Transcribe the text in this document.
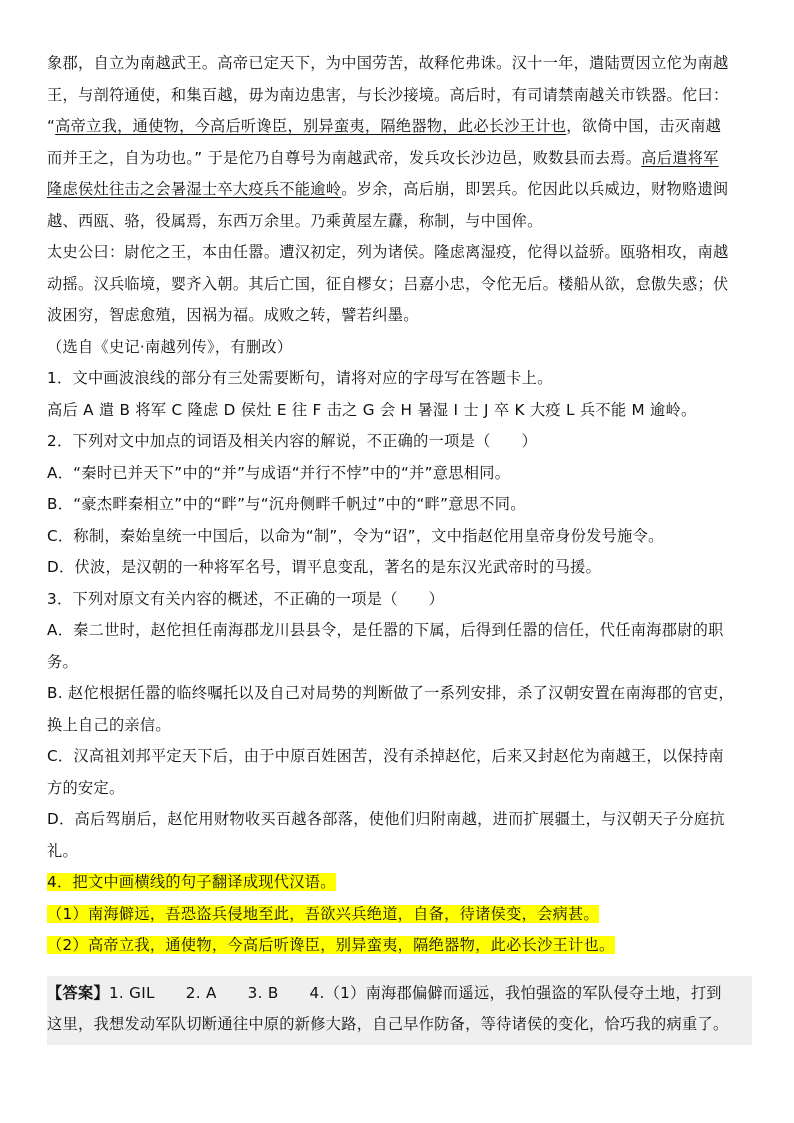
象郡，自立为南越武王。高帝已定天下，为中国劳苦，故释佗弗诛。汉十一年，遣陆贾因立佗为南越
王，与剖符通使，和集百越，毋为南边患害，与长沙接境。高后时，有司请禁南越关市铁器。佗曰：
“高帝立我，通使物，今高后听谗臣，别异蛮夷，隔绝器物，此必长沙王计也，欲倚中国，击灭南越
而并王之，自为功也。” 于是佗乃自尊号为南越武帝，发兵攻长沙边邑，败数县而去焉。高后遣将军
隆虑侯灶往击之会暑湿士卒大疫兵不能逾岭。岁余，高后崩，即罢兵。佗因此以兵威边，财物赂遗闽
越、西瓯、骆，役属焉，东西万余里。乃乘黄屋左纛，称制，与中国侔。
太史公曰：尉佗之王，本由任嚣。遭汉初定，列为诸侯。隆虑离湿疫，佗得以益骄。瓯骆相攻，南越
动摇。汉兵临境，婴齐入朝。其后亡国，征自樛女；吕嘉小忠，令佗无后。楼船从欲，怠傲失惑；伏
波困穷，智虑愈殖，因祸为福。成败之转，譬若纠墨。
（选自《史记·南越列传》，有删改）
1．文中画波浪线的部分有三处需要断句，请将对应的字母写在答题卡上。
高后 A 遣 B 将军 C 隆虑 D 侯灶 E 往 F 击之 G 会 H 暑湿 I 士 J 卒 K 大疫 L 兵不能 M 逾岭。
2．下列对文中加点的词语及相关内容的解说，不正确的一项是（　　）
A．“秦时已并天下”中的“并”与成语“并行不悖”中的“并”意思相同。
B．“豪杰畔秦相立”中的“畔”与“沉舟侧畔千帆过”中的“畔”意思不同。
C．称制，秦始皇统一中国后，以命为“制”，令为“诏”，文中指赵佗用皇帝身份发号施令。
D．伏波，是汉朝的一种将军名号，谓平息变乱，著名的是东汉光武帝时的马援。
3．下列对原文有关内容的概述，不正确的一项是（　　）
A．秦二世时，赵佗担任南海郡龙川县县令，是任嚣的下属，后得到任嚣的信任，代任南海郡尉的职
务。
B. 赵佗根据任嚣的临终嘱托以及自己对局势的判断做了一系列安排，杀了汉朝安置在南海郡的官吏，
换上自己的亲信。
C．汉高祖刘邦平定天下后，由于中原百姓困苦，没有杀掉赵佗，后来又封赵佗为南越王，以保持南
方的安定。
D．高后驾崩后，赵佗用财物收买百越各部落，使他们归附南越，进而扩展疆土，与汉朝天子分庭抗
礼。
4．把文中画横线的句子翻译成现代汉语。
（1）南海僻远，吾恐盗兵侵地至此，吾欲兴兵绝道，自备，待诸侯变，会病甚。
（2）高帝立我，通使物，今高后听谗臣，别异蛮夷，隔绝器物，此必长沙王计也。
【答案】1. GIL　　2. A　　3. B　　4.（1）南海郡偏僻而遥远，我怕强盗的军队侵夺土地，打到
这里，我想发动军队切断通往中原的新修大路，自己早作防备，等待诸侯的变化，恰巧我的病重了。
